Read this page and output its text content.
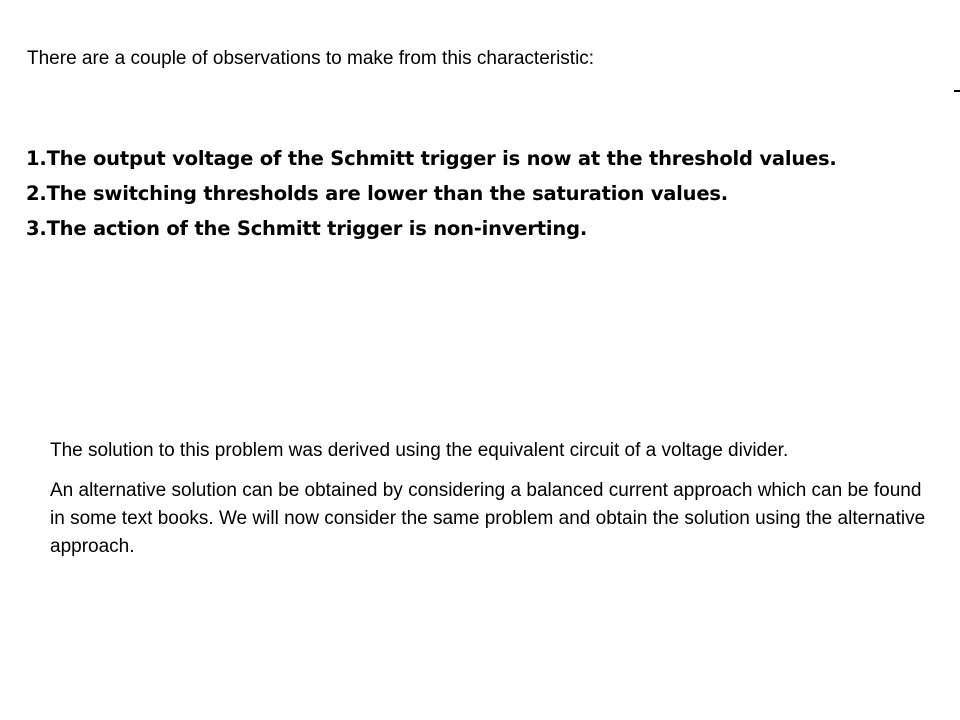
There are a couple of observations to make from this characteristic:

1.The output voltage of the Schmitt trigger is now at the threshold values.
2.The switching thresholds are lower than the saturation values.
3.The action of the Schmitt trigger is non-inverting.

The solution to this problem was derived using the equivalent circuit of a voltage divider.

An alternative solution can be obtained by considering a balanced current approach which can be found in some text books. We will now consider the same problem and obtain the solution using the alternative approach.
